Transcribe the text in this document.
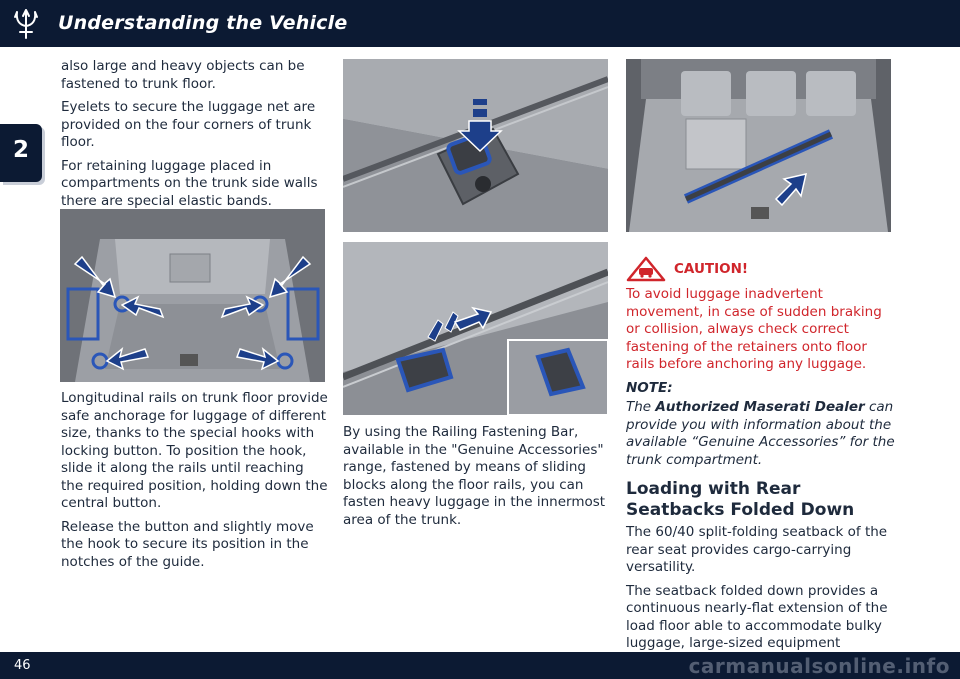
Understanding the Vehicle
2

also large and heavy objects can be fastened to trunk floor.

Eyelets to secure the luggage net are provided on the four corners of trunk floor.

For retaining luggage placed in compartments on the trunk side walls there are special elastic bands.

Longitudinal rails on trunk floor provide safe anchorage for luggage of different size, thanks to the special hooks with locking button. To position the hook, slide it along the rails until reaching the required position, holding down the central button.

Release the button and slightly move the hook to secure its position in the notches of the guide.

By using the Railing Fastening Bar, available in the "Genuine Accessories" range, fastened by means of sliding blocks along the floor rails, you can fasten heavy luggage in the innermost area of the trunk.

CAUTION!

To avoid luggage inadvertent movement, in case of sudden braking or collision, always check correct fastening of the retainers onto floor rails before anchoring any luggage.

NOTE:

The Authorized Maserati Dealer can provide you with information about the available “Genuine Accessories” for the trunk compartment.

Loading with Rear Seatbacks Folded Down

The 60/40 split-folding seatback of the rear seat provides cargo-carrying versatility.

The seatback folded down provides a continuous nearly-flat extension of the load floor able to accommodate bulky luggage, large-sized equipment

46	carmanualsonline.info
